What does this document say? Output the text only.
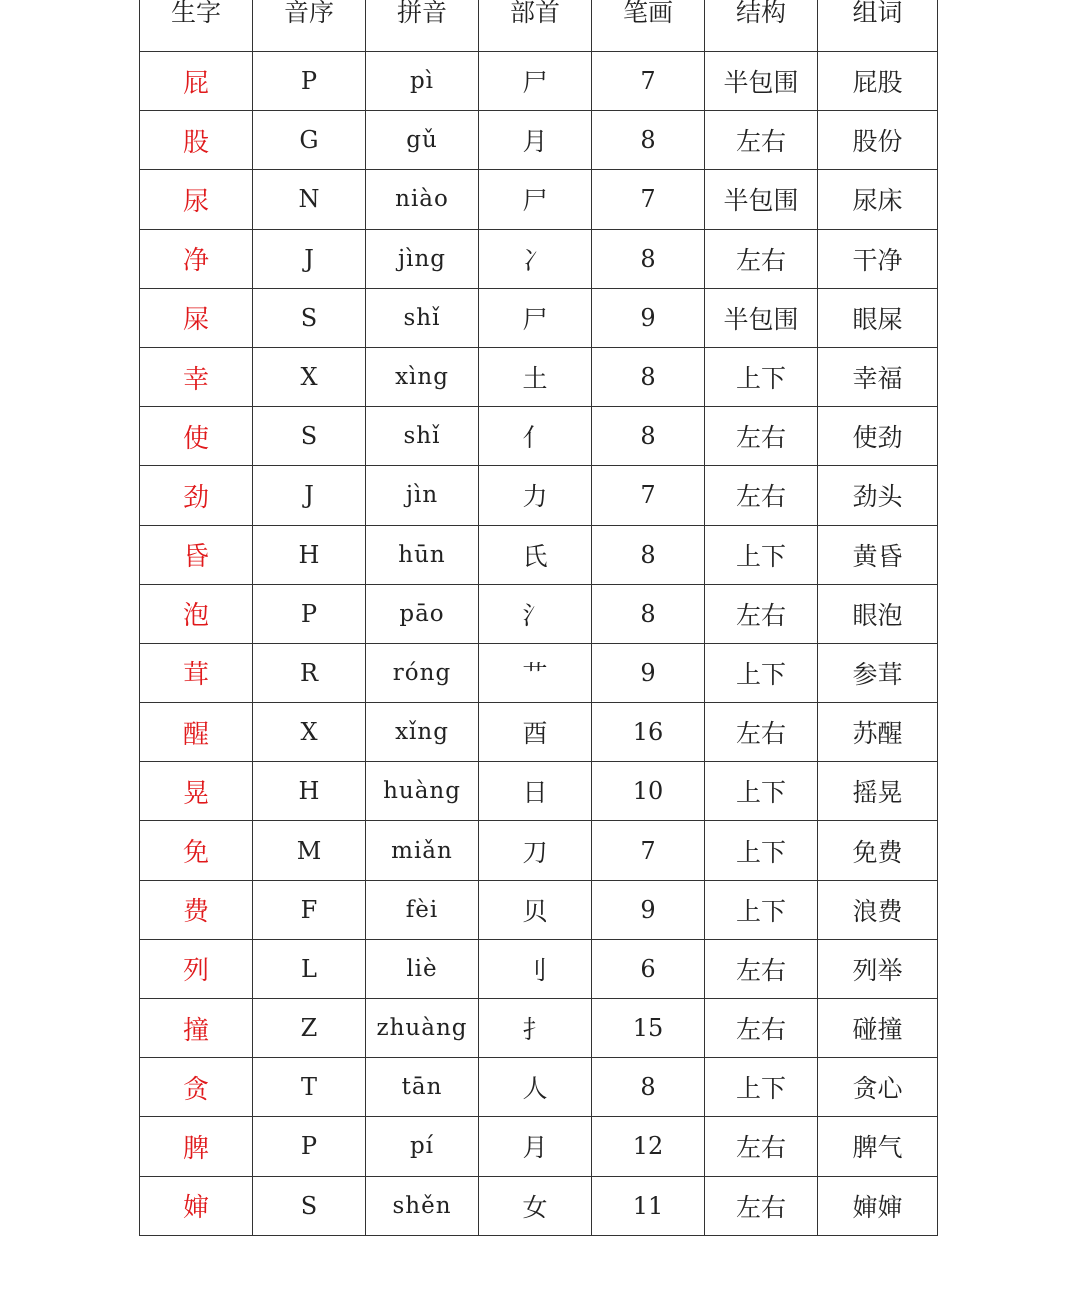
生字	音序	拼音	部首	笔画	结构	组词
屁	P	pì	尸	7	半包围	屁股
股	G	gǔ	月	8	左右	股份
尿	N	niào	尸	7	半包围	尿床
净	J	jìng	冫	8	左右	干净
屎	S	shǐ	尸	9	半包围	眼屎
幸	X	xìng	土	8	上下	幸福
使	S	shǐ	亻	8	左右	使劲
劲	J	jìn	力	7	左右	劲头
昏	H	hūn	氏	8	上下	黄昏
泡	P	pāo	氵	8	左右	眼泡
茸	R	róng	艹	9	上下	参茸
醒	X	xǐng	酉	16	左右	苏醒
晃	H	huàng	日	10	上下	摇晃
免	M	miǎn	刀	7	上下	免费
费	F	fèi	贝	9	上下	浪费
列	L	liè	刂	6	左右	列举
撞	Z	zhuàng	扌	15	左右	碰撞
贪	T	tān	人	8	上下	贪心
脾	P	pí	月	12	左右	脾气
婶	S	shěn	女	11	左右	婶婶
